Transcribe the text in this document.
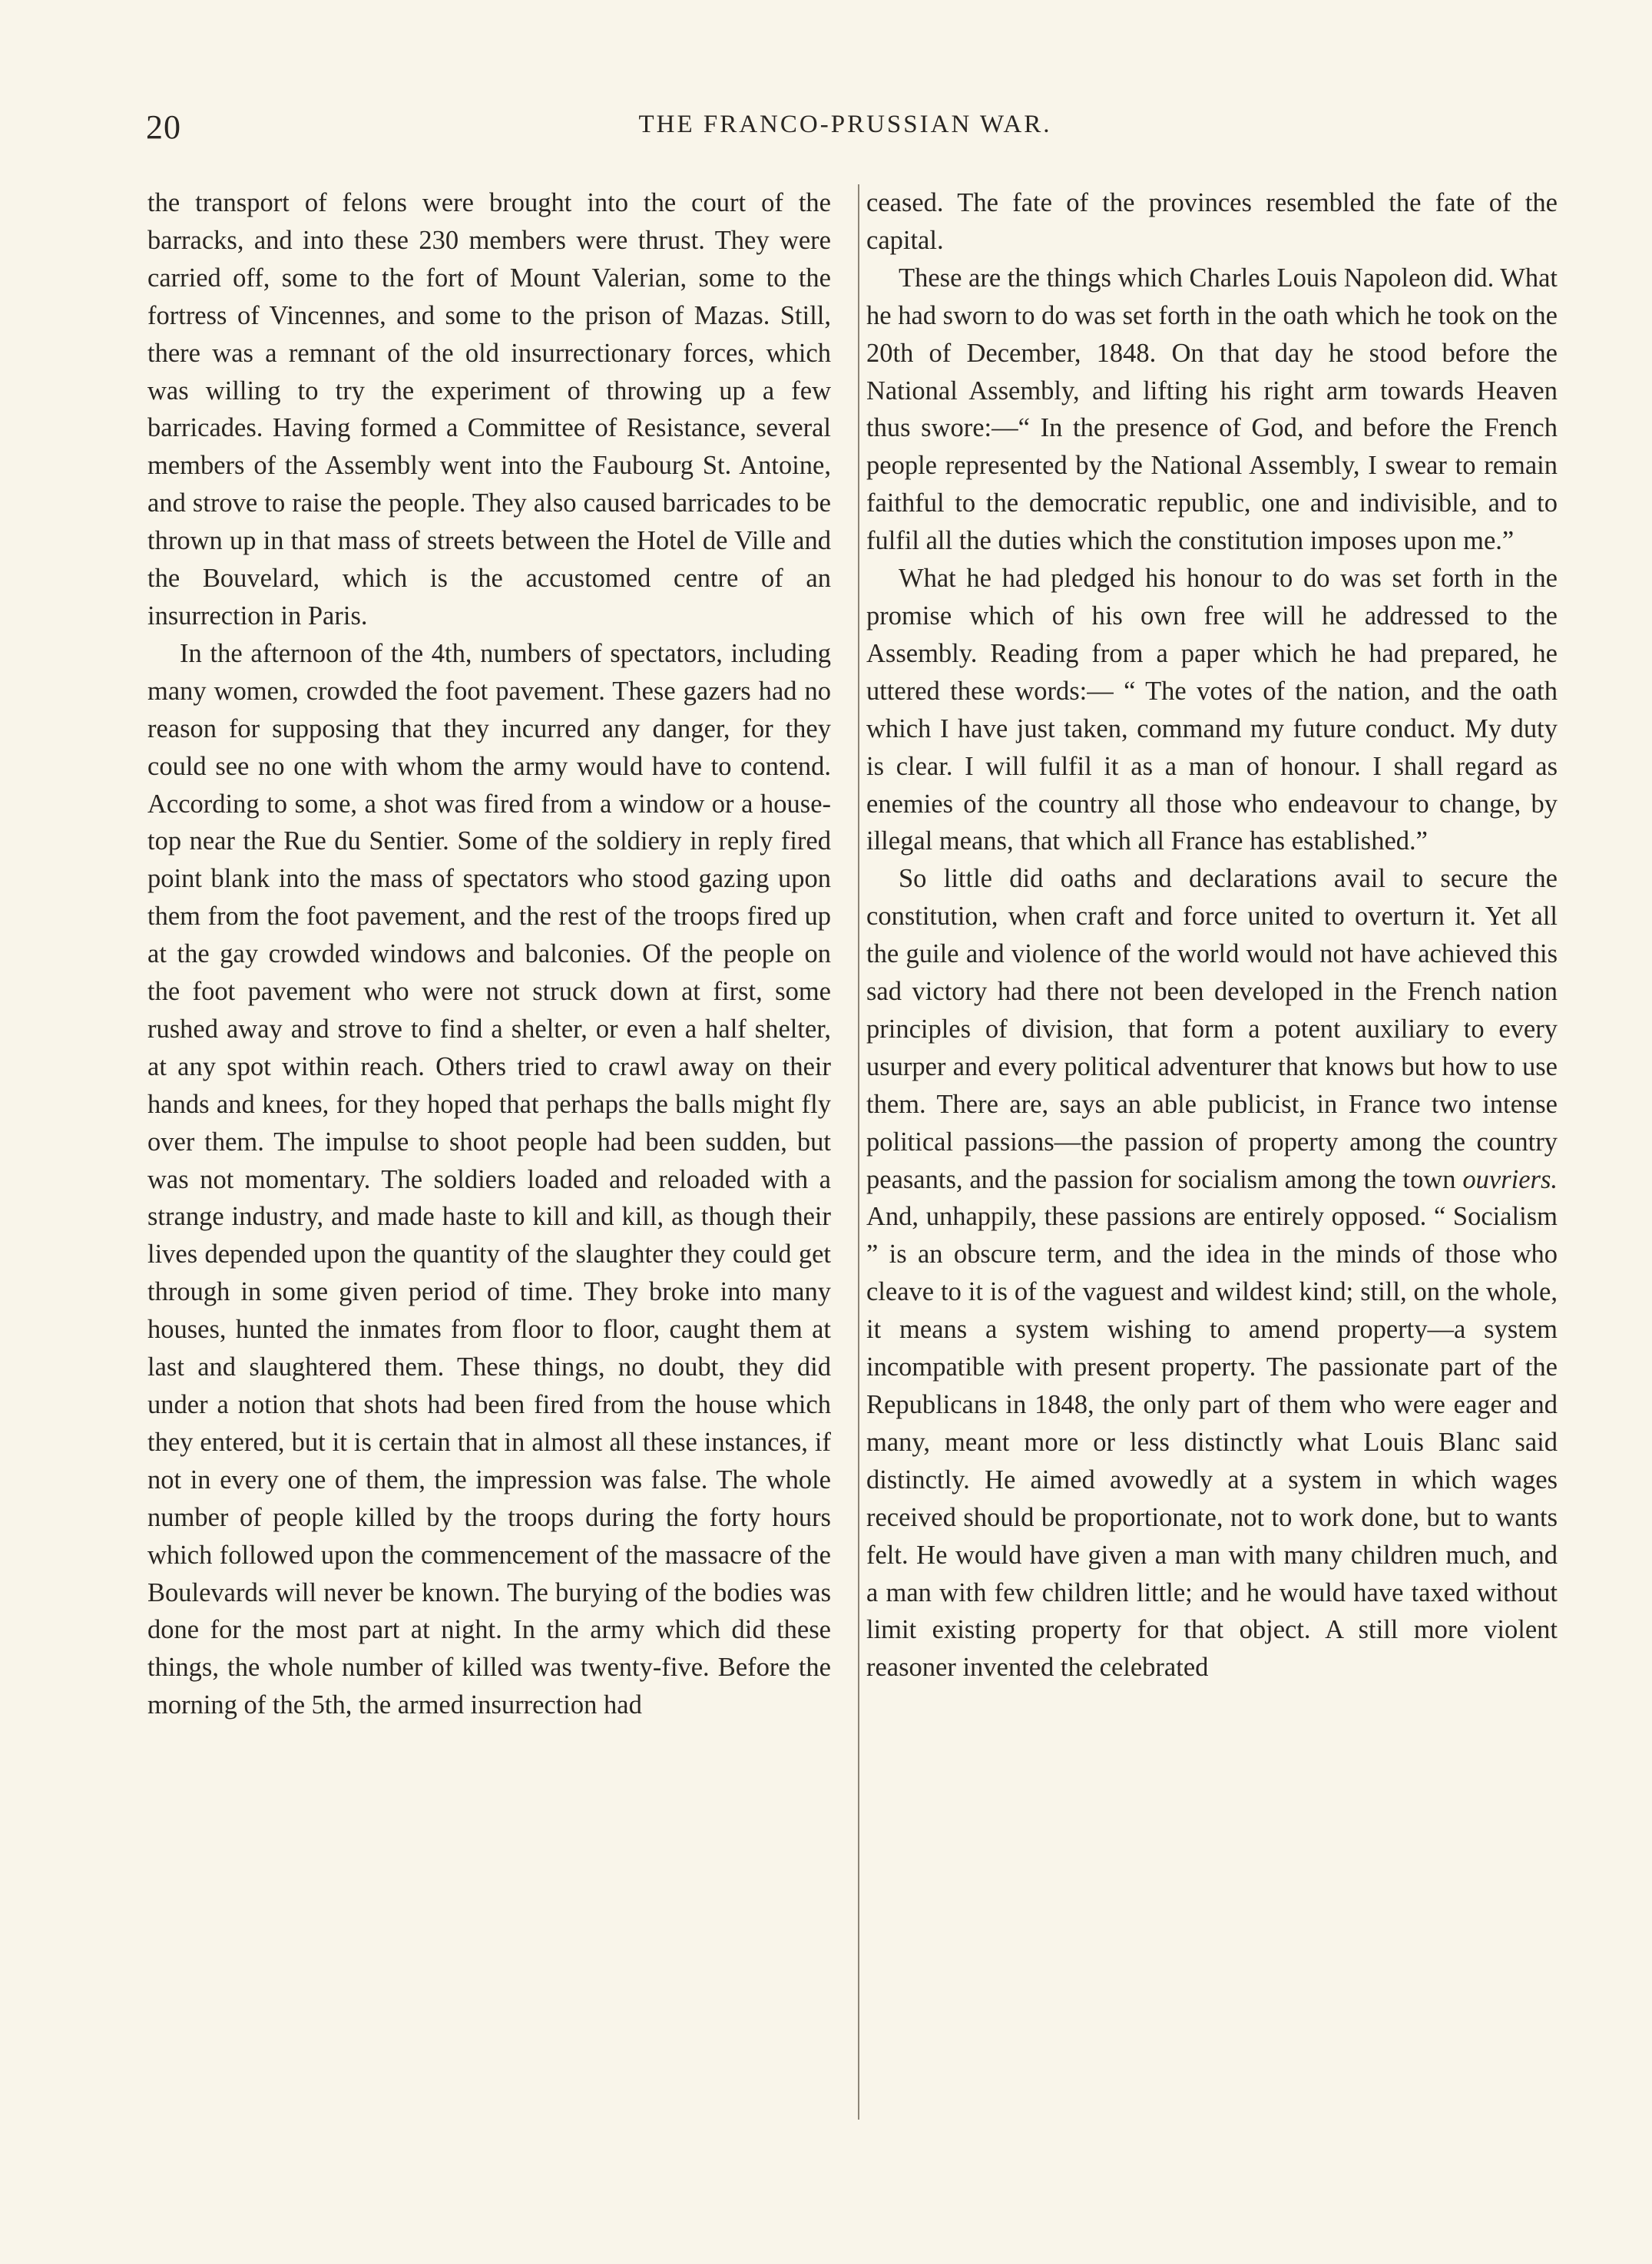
20	THE FRANCO-PRUSSIAN WAR.

the transport of felons were brought into the court of the barracks, and into these 230 members were thrust. They were carried off, some to the fort of Mount Valerian, some to the fortress of Vincennes, and some to the prison of Mazas. Still, there was a remnant of the old insurrectionary forces, which was willing to try the experiment of throwing up a few barricades. Having formed a Committee of Resistance, several members of the Assembly went into the Faubourg St. Antoine, and strove to raise the people. They also caused barricades to be thrown up in that mass of streets between the Hotel de Ville and the Bouvelard, which is the accustomed centre of an insurrection in Paris.

In the afternoon of the 4th, numbers of spectators, including many women, crowded the foot pavement. These gazers had no reason for supposing that they incurred any danger, for they could see no one with whom the army would have to contend. According to some, a shot was fired from a window or a house-top near the Rue du Sentier. Some of the soldiery in reply fired point blank into the mass of spectators who stood gazing upon them from the foot pavement, and the rest of the troops fired up at the gay crowded windows and balconies. Of the people on the foot pavement who were not struck down at first, some rushed away and strove to find a shelter, or even a half shelter, at any spot within reach. Others tried to crawl away on their hands and knees, for they hoped that perhaps the balls might fly over them. The impulse to shoot people had been sudden, but was not momentary. The soldiers loaded and reloaded with a strange industry, and made haste to kill and kill, as though their lives depended upon the quantity of the slaughter they could get through in some given period of time. They broke into many houses, hunted the inmates from floor to floor, caught them at last and slaughtered them. These things, no doubt, they did under a notion that shots had been fired from the house which they entered, but it is certain that in almost all these instances, if not in every one of them, the impression was false. The whole number of people killed by the troops during the forty hours which followed upon the commencement of the massacre of the Boulevards will never be known. The burying of the bodies was done for the most part at night. In the army which did these things, the whole number of killed was twenty-five. Before the morning of the 5th, the armed insurrection had

ceased. The fate of the provinces resembled the fate of the capital.

These are the things which Charles Louis Napoleon did. What he had sworn to do was set forth in the oath which he took on the 20th of December, 1848. On that day he stood before the National Assembly, and lifting his right arm towards Heaven thus swore:—“ In the presence of God, and before the French people represented by the National Assembly, I swear to remain faithful to the democratic republic, one and indivisible, and to fulfil all the duties which the constitution imposes upon me.”

What he had pledged his honour to do was set forth in the promise which of his own free will he addressed to the Assembly. Reading from a paper which he had prepared, he uttered these words:— “ The votes of the nation, and the oath which I have just taken, command my future conduct. My duty is clear. I will fulfil it as a man of honour. I shall regard as enemies of the country all those who endeavour to change, by illegal means, that which all France has established.”

So little did oaths and declarations avail to secure the constitution, when craft and force united to overturn it. Yet all the guile and violence of the world would not have achieved this sad victory had there not been developed in the French nation principles of division, that form a potent auxiliary to every usurper and every political adventurer that knows but how to use them. There are, says an able publicist, in France two intense political passions—the passion of property among the country peasants, and the passion for socialism among the town ouvriers. And, unhappily, these passions are entirely opposed. “ Socialism ” is an obscure term, and the idea in the minds of those who cleave to it is of the vaguest and wildest kind; still, on the whole, it means a system wishing to amend property—a system incompatible with present property. The passionate part of the Republicans in 1848, the only part of them who were eager and many, meant more or less distinctly what Louis Blanc said distinctly. He aimed avowedly at a system in which wages received should be proportionate, not to work done, but to wants felt. He would have given a man with many children much, and a man with few children little; and he would have taxed without limit existing property for that object. A still more violent reasoner invented the celebrated
